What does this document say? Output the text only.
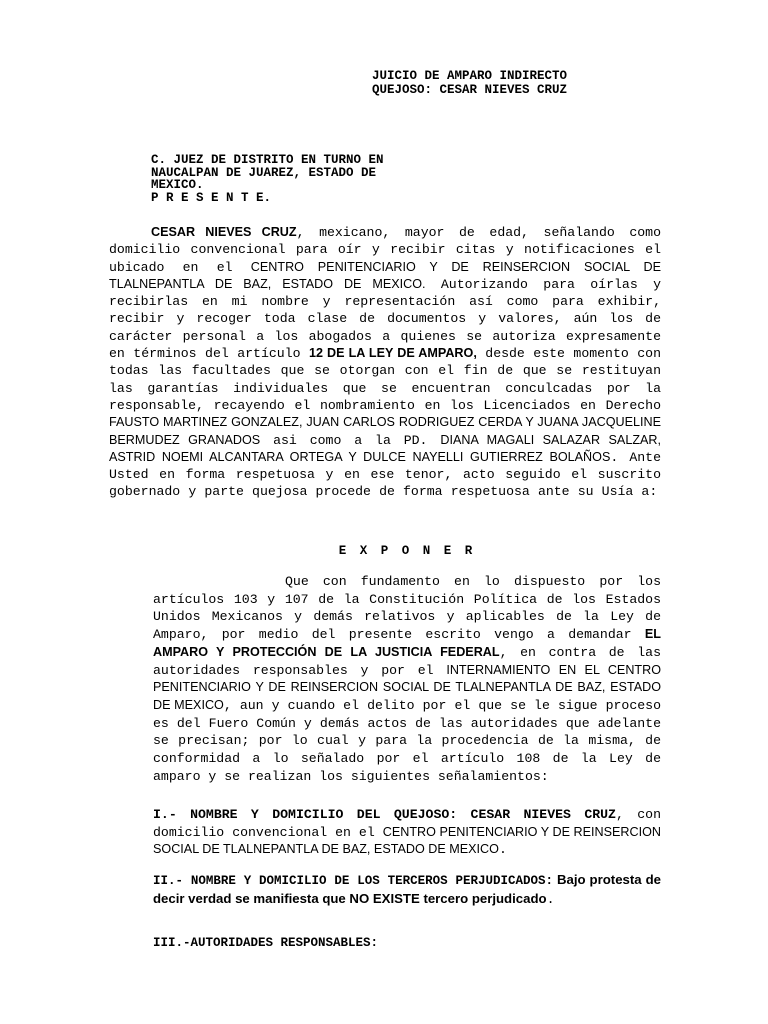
JUICIO DE AMPARO INDIRECTO
QUEJOSO: CESAR NIEVES CRUZ
C. JUEZ DE DISTRITO EN TURNO EN
NAUCALPAN DE JUAREZ, ESTADO DE
MEXICO.
P R E S E N T E.

CESAR NIEVES CRUZ, mexicano, mayor de edad, señalando como domicilio convencional para oír y recibir citas y notificaciones el ubicado en el CENTRO PENITENCIARIO Y DE REINSERCION SOCIAL DE TLALNEPANTLA DE BAZ, ESTADO DE MEXICO. Autorizando para oírlas y recibirlas en mi nombre y representación así como para exhibir, recibir y recoger toda clase de documentos y valores, aún los de carácter personal a los abogados a quienes se autoriza expresamente en términos del artículo 12 DE LA LEY DE AMPARO, desde este momento con todas las facultades que se otorgan con el fin de que se restituyan las garantías individuales que se encuentran conculcadas por la responsable, recayendo el nombramiento en los Licenciados en Derecho FAUSTO MARTINEZ GONZALEZ, JUAN CARLOS RODRIGUEZ CERDA Y JUANA JACQUELINE BERMUDEZ GRANADOS asi como a la PD. DIANA MAGALI SALAZAR SALZAR, ASTRID NOEMI ALCANTARA ORTEGA Y DULCE NAYELLI GUTIERREZ BOLAÑOS. Ante Usted en forma respetuosa y en ese tenor, acto seguido el suscrito gobernado y parte quejosa procede de forma respetuosa ante su Usía a:

E X P O N E R

Que con fundamento en lo dispuesto por los artículos 103 y 107 de la Constitución Política de los Estados Unidos Mexicanos y demás relativos y aplicables de la Ley de Amparo, por medio del presente escrito vengo a demandar EL AMPARO Y PROTECCIÓN DE LA JUSTICIA FEDERAL, en contra de las autoridades responsables y por el INTERNAMIENTO EN EL CENTRO PENITENCIARIO Y DE REINSERCION SOCIAL DE TLALNEPANTLA DE BAZ, ESTADO DE MEXICO, aun y cuando el delito por el que se le sigue proceso es del Fuero Común y demás actos de las autoridades que adelante se precisan; por lo cual y para la procedencia de la misma, de conformidad a lo señalado por el artículo 108 de la Ley de amparo y se realizan los siguientes señalamientos:

I.- NOMBRE Y DOMICILIO DEL QUEJOSO: CESAR NIEVES CRUZ, con domicilio convencional en el CENTRO PENITENCIARIO Y DE REINSERCION SOCIAL DE TLALNEPANTLA DE BAZ, ESTADO DE MEXICO.

II.- NOMBRE Y DOMICILIO DE LOS TERCEROS PERJUDICADOS: Bajo protesta de decir verdad se manifiesta que NO EXISTE tercero perjudicado.

III.-AUTORIDADES RESPONSABLES:
